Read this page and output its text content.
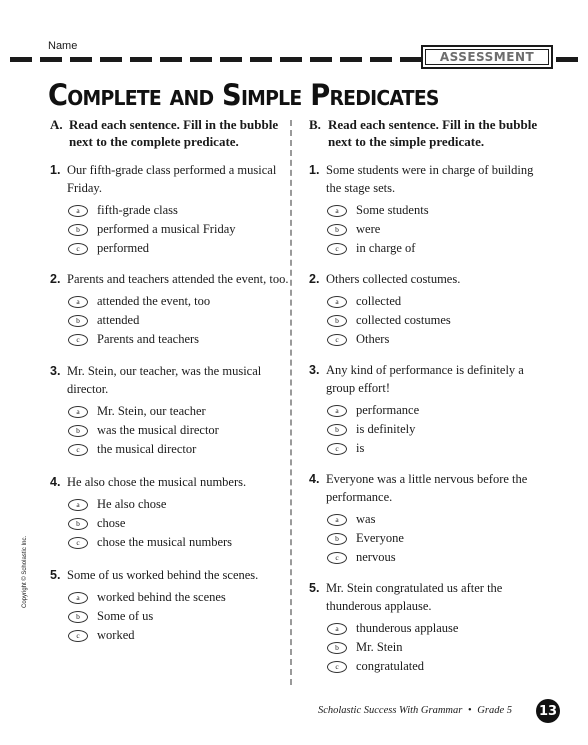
Name
ASSESSMENT
Complete and Simple Predicates
A. Read each sentence. Fill in the bubble next to the complete predicate.
1. Our fifth-grade class performed a musical Friday.
a	fifth-grade class
b	performed a musical Friday
c	performed
2. Parents and teachers attended the event, too.
a	attended the event, too
b	attended
c	Parents and teachers
3. Mr. Stein, our teacher, was the musical director.
a	Mr. Stein, our teacher
b	was the musical director
c	the musical director
4. He also chose the musical numbers.
a	He also chose
b	chose
c	chose the musical numbers
5. Some of us worked behind the scenes.
a	worked behind the scenes
b	Some of us
c	worked
B. Read each sentence. Fill in the bubble next to the simple predicate.
1. Some students were in charge of building the stage sets.
a	Some students
b	were
c	in charge of
2. Others collected costumes.
a	collected
b	collected costumes
c	Others
3. Any kind of performance is definitely a group effort!
a	performance
b	is definitely
c	is
4. Everyone was a little nervous before the performance.
a	was
b	Everyone
c	nervous
5. Mr. Stein congratulated us after the thunderous applause.
a	thunderous applause
b	Mr. Stein
c	congratulated
Copyright © Scholastic Inc.
Scholastic Success With Grammar • Grade 5 13
